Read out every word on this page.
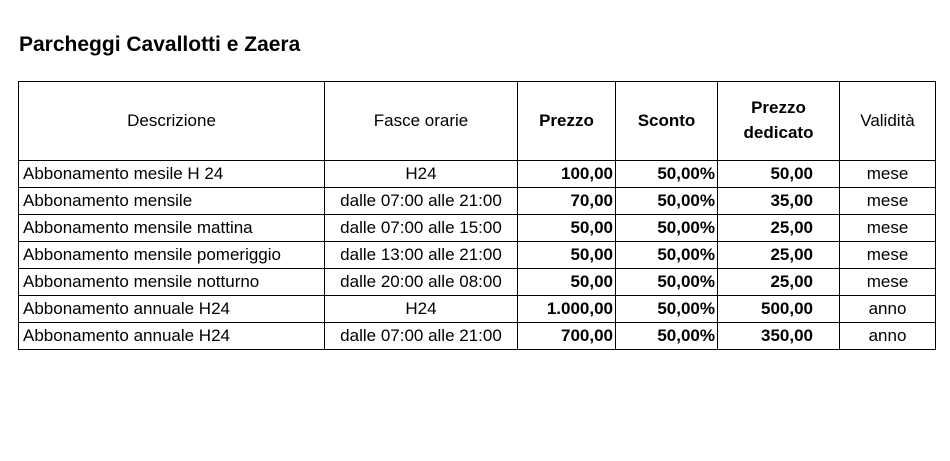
Parcheggi Cavallotti e Zaera
Descrizione	Fasce orarie	Prezzo	Sconto	Prezzo dedicato	Validità
Abbonamento mesile H 24	H24	100,00	50,00%	50,00	mese
Abbonamento mensile	dalle 07:00 alle 21:00	70,00	50,00%	35,00	mese
Abbonamento mensile mattina	dalle 07:00 alle 15:00	50,00	50,00%	25,00	mese
Abbonamento mensile pomeriggio	dalle 13:00 alle 21:00	50,00	50,00%	25,00	mese
Abbonamento mensile notturno	dalle 20:00 alle 08:00	50,00	50,00%	25,00	mese
Abbonamento annuale H24	H24	1.000,00	50,00%	500,00	anno
Abbonamento annuale H24	dalle 07:00 alle 21:00	700,00	50,00%	350,00	anno
